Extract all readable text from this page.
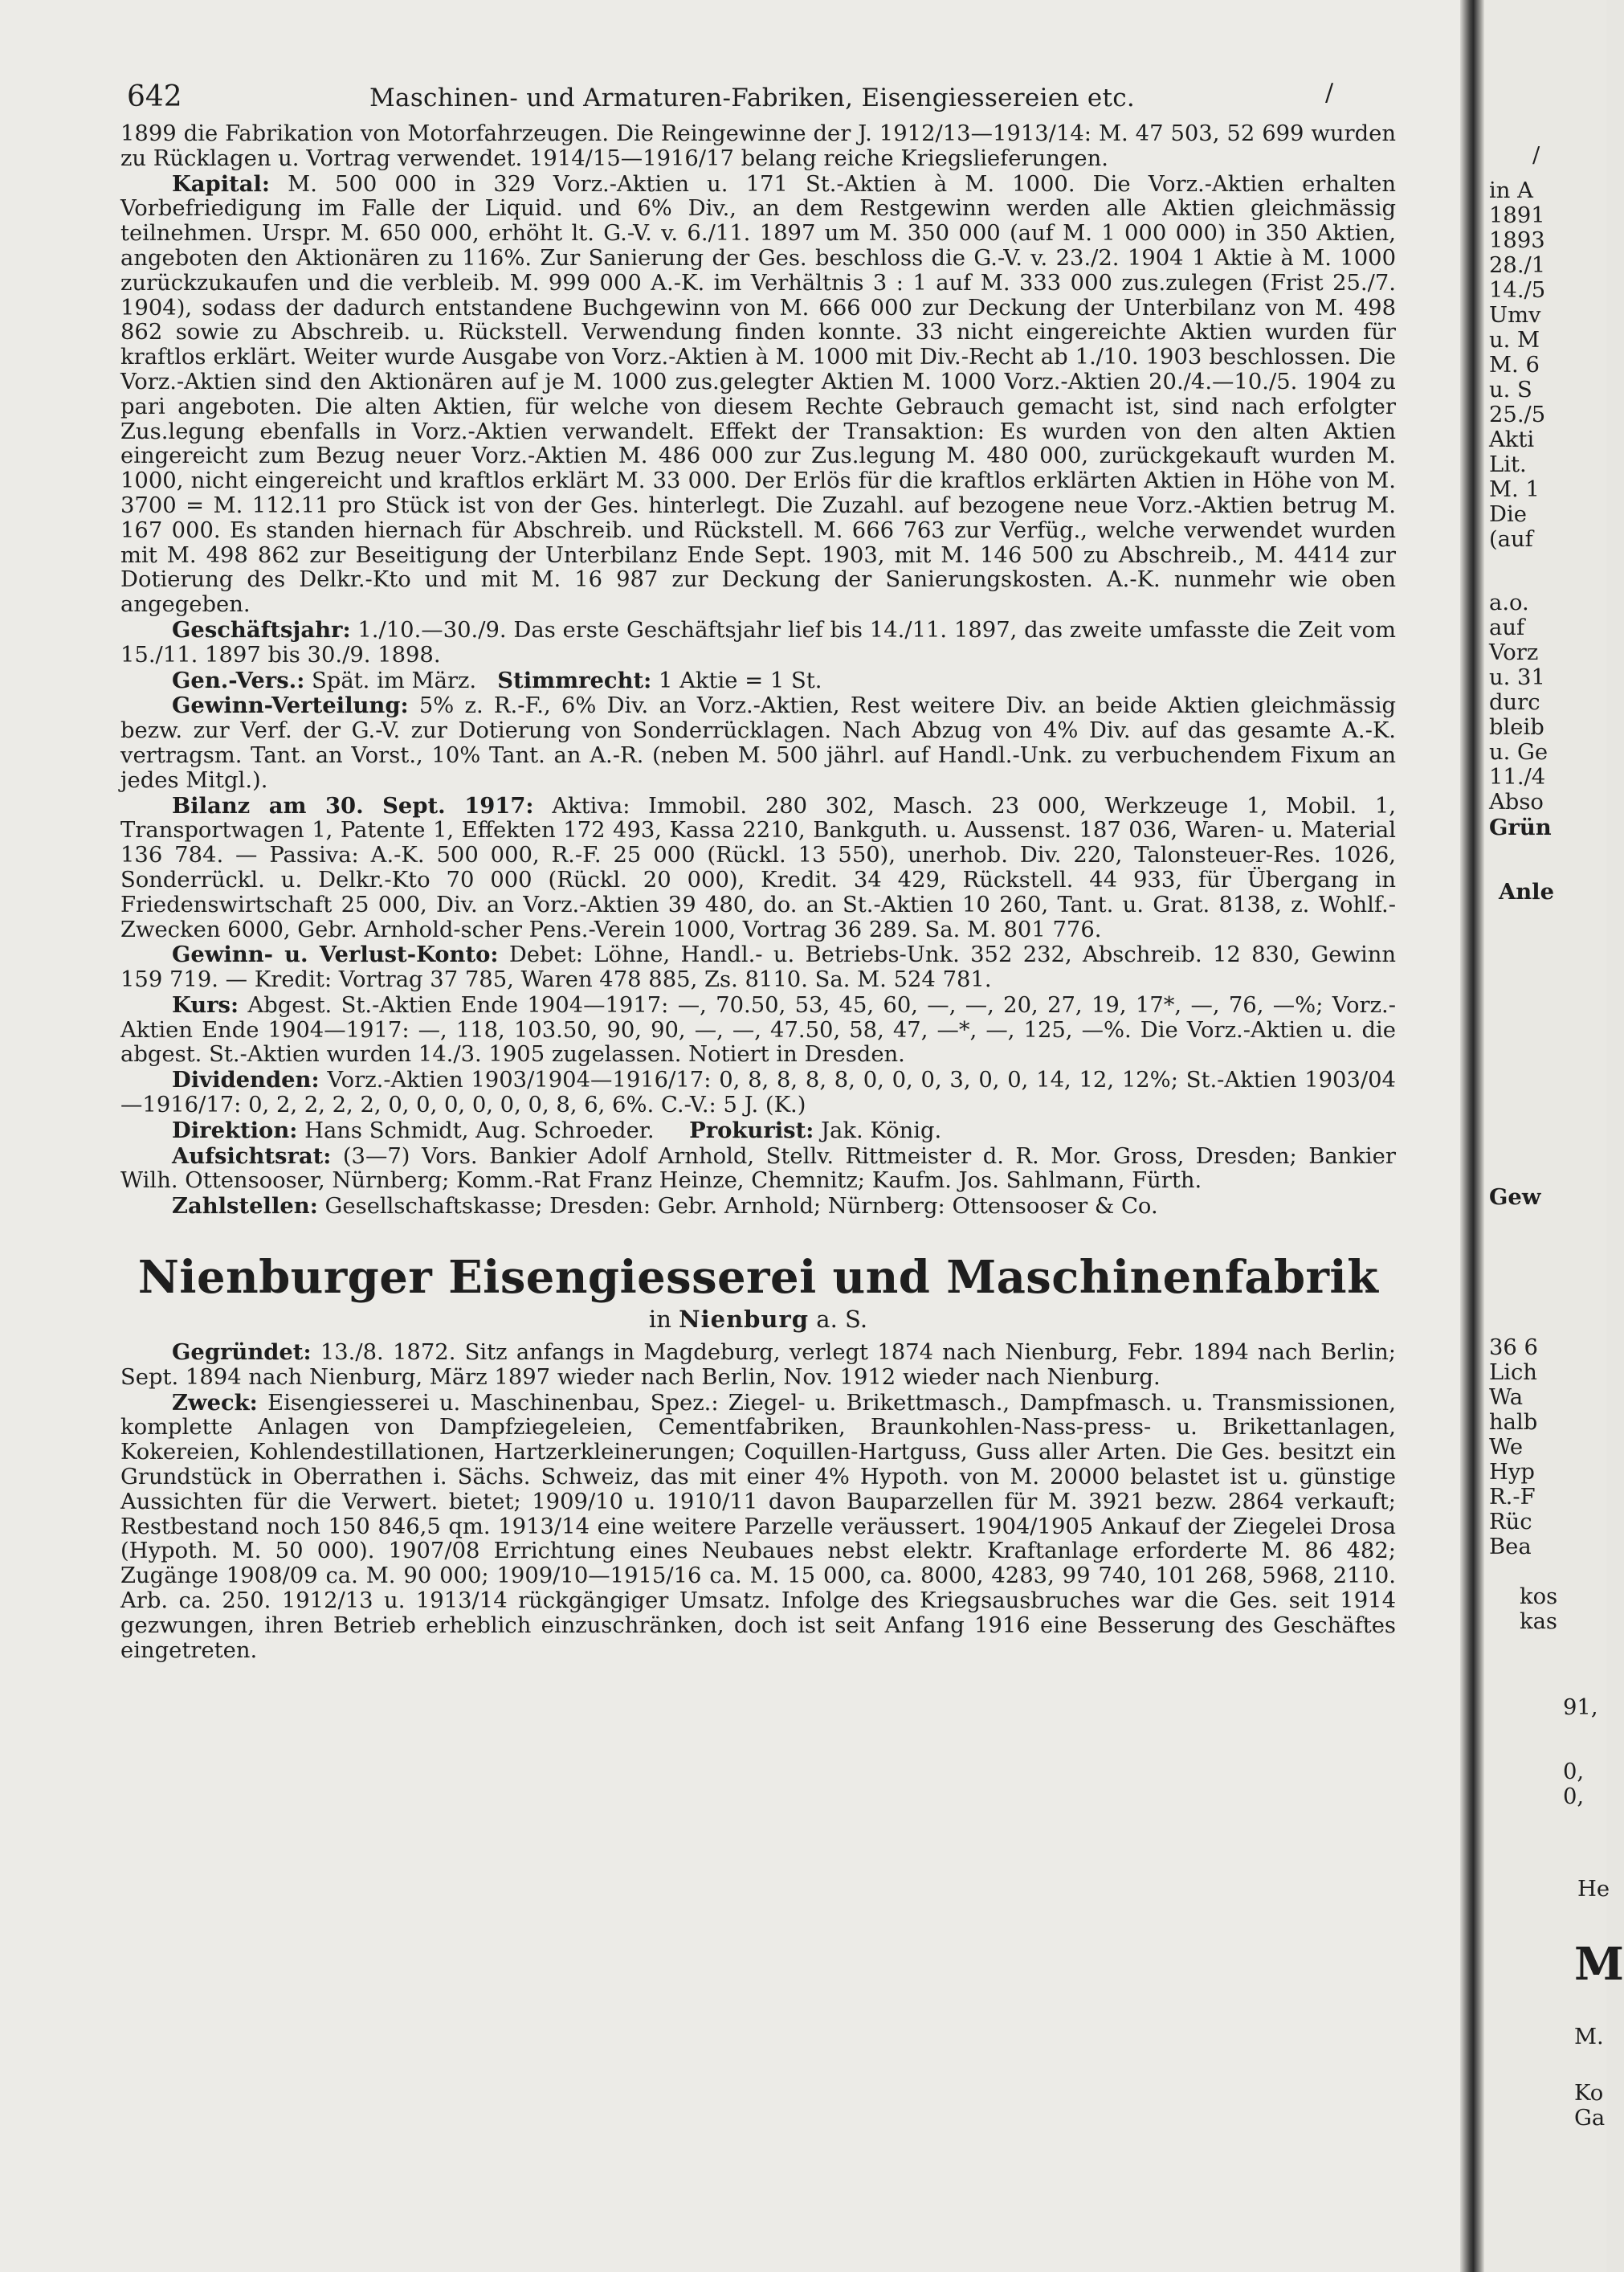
642	Maschinen- und Armaturen-Fabriken, Eisengiessereien etc.	/

1899 die Fabrikation von Motorfahrzeugen. Die Reingewinne der J. 1912/13—1913/14: M. 47 503, 52 699 wurden zu Rücklagen u. Vortrag verwendet. 1914/15—1916/17 belang reiche Kriegslieferungen.

Kapital: M. 500 000 in 329 Vorz.-Aktien u. 171 St.-Aktien à M. 1000. Die Vorz.-Aktien erhalten Vorbefriedigung im Falle der Liquid. und 6% Div., an dem Restgewinn werden alle Aktien gleichmässig teilnehmen. Urspr. M. 650 000, erhöht lt. G.-V. v. 6./11. 1897 um M. 350 000 (auf M. 1 000 000) in 350 Aktien, angeboten den Aktionären zu 116%. Zur Sanierung der Ges. beschloss die G.-V. v. 23./2. 1904 1 Aktie à M. 1000 zurückzukaufen und die verbleib. M. 999 000 A.-K. im Verhältnis 3 : 1 auf M. 333 000 zus.zulegen (Frist 25./7. 1904), sodass der dadurch entstandene Buchgewinn von M. 666 000 zur Deckung der Unterbilanz von M. 498 862 sowie zu Abschreib. u. Rückstell. Verwendung finden konnte. 33 nicht eingereichte Aktien wurden für kraftlos erklärt. Weiter wurde Ausgabe von Vorz.-Aktien à M. 1000 mit Div.-Recht ab 1./10. 1903 beschlossen. Die Vorz.-Aktien sind den Aktionären auf je M. 1000 zus.gelegter Aktien M. 1000 Vorz.-Aktien 20./4.—10./5. 1904 zu pari angeboten. Die alten Aktien, für welche von diesem Rechte Gebrauch gemacht ist, sind nach erfolgter Zus.legung ebenfalls in Vorz.-Aktien verwandelt. Effekt der Transaktion: Es wurden von den alten Aktien eingereicht zum Bezug neuer Vorz.-Aktien M. 486 000 zur Zus.legung M. 480 000, zurückgekauft wurden M. 1000, nicht eingereicht und kraftlos erklärt M. 33 000. Der Erlös für die kraftlos erklärten Aktien in Höhe von M. 3700 = M. 112.11 pro Stück ist von der Ges. hinterlegt. Die Zuzahl. auf bezogene neue Vorz.-Aktien betrug M. 167 000. Es standen hiernach für Abschreib. und Rückstell. M. 666 763 zur Verfüg., welche verwendet wurden mit M. 498 862 zur Beseitigung der Unterbilanz Ende Sept. 1903, mit M. 146 500 zu Abschreib., M. 4414 zur Dotierung des Delkr.-Kto und mit M. 16 987 zur Deckung der Sanierungskosten. A.-K. nunmehr wie oben angegeben.

Geschäftsjahr: 1./10.—30./9. Das erste Geschäftsjahr lief bis 14./11. 1897, das zweite umfasste die Zeit vom 15./11. 1897 bis 30./9. 1898.

Gen.-Vers.: Spät. im März. Stimmrecht: 1 Aktie = 1 St.

Gewinn-Verteilung: 5% z. R.-F., 6% Div. an Vorz.-Aktien, Rest weitere Div. an beide Aktien gleichmässig bezw. zur Verf. der G.-V. zur Dotierung von Sonderrücklagen. Nach Abzug von 4% Div. auf das gesamte A.-K. vertragsm. Tant. an Vorst., 10% Tant. an A.-R. (neben M. 500 jährl. auf Handl.-Unk. zu verbuchendem Fixum an jedes Mitgl.).

Bilanz am 30. Sept. 1917: Aktiva: Immobil. 280 302, Masch. 23 000, Werkzeuge 1, Mobil. 1, Transportwagen 1, Patente 1, Effekten 172 493, Kassa 2210, Bankguth. u. Aussenst. 187 036, Waren- u. Material 136 784. — Passiva: A.-K. 500 000, R.-F. 25 000 (Rückl. 13 550), unerhob. Div. 220, Talonsteuer-Res. 1026, Sonderrückl. u. Delkr.-Kto 70 000 (Rückl. 20 000), Kredit. 34 429, Rückstell. 44 933, für Übergang in Friedenswirtschaft 25 000, Div. an Vorz.-Aktien 39 480, do. an St.-Aktien 10 260, Tant. u. Grat. 8138, z. Wohlf.-Zwecken 6000, Gebr. Arnhold-scher Pens.-Verein 1000, Vortrag 36 289. Sa. M. 801 776.

Gewinn- u. Verlust-Konto: Debet: Löhne, Handl.- u. Betriebs-Unk. 352 232, Abschreib. 12 830, Gewinn 159 719. — Kredit: Vortrag 37 785, Waren 478 885, Zs. 8110. Sa. M. 524 781.

Kurs: Abgest. St.-Aktien Ende 1904—1917: —, 70.50, 53, 45, 60, —, —, 20, 27, 19, 17*, —, 76, —%; Vorz.-Aktien Ende 1904—1917: —, 118, 103.50, 90, 90, —, —, 47.50, 58, 47, —*, —, 125, —%. Die Vorz.-Aktien u. die abgest. St.-Aktien wurden 14./3. 1905 zugelassen. Notiert in Dresden.

Dividenden: Vorz.-Aktien 1903/1904—1916/17: 0, 8, 8, 8, 8, 0, 0, 0, 3, 0, 0, 14, 12, 12%; St.-Aktien 1903/04—1916/17: 0, 2, 2, 2, 2, 0, 0, 0, 0, 0, 0, 8, 6, 6%. C.-V.: 5 J. (K.)

Direktion: Hans Schmidt, Aug. Schroeder. Prokurist: Jak. König.

Aufsichtsrat: (3—7) Vors. Bankier Adolf Arnhold, Stellv. Rittmeister d. R. Mor. Gross, Dresden; Bankier Wilh. Ottensooser, Nürnberg; Komm.-Rat Franz Heinze, Chemnitz; Kaufm. Jos. Sahlmann, Fürth.

Zahlstellen: Gesellschaftskasse; Dresden: Gebr. Arnhold; Nürnberg: Ottensooser & Co.

Nienburger Eisengiesserei und Maschinenfabrik
in Nienburg a. S.

Gegründet: 13./8. 1872. Sitz anfangs in Magdeburg, verlegt 1874 nach Nienburg, Febr. 1894 nach Berlin; Sept. 1894 nach Nienburg, März 1897 wieder nach Berlin, Nov. 1912 wieder nach Nienburg.

Zweck: Eisengiesserei u. Maschinenbau, Spez.: Ziegel- u. Brikettmasch., Dampfmasch. u. Transmissionen, komplette Anlagen von Dampfziegeleien, Cementfabriken, Braunkohlen-Nass-press- u. Brikettanlagen, Kokereien, Kohlendestillationen, Hartzerkleinerungen; Coquillen-Hartguss, Guss aller Arten. Die Ges. besitzt ein Grundstück in Oberrathen i. Sächs. Schweiz, das mit einer 4% Hypoth. von M. 20000 belastet ist u. günstige Aussichten für die Verwert. bietet; 1909/10 u. 1910/11 davon Bauparzellen für M. 3921 bezw. 2864 verkauft; Restbestand noch 150 846,5 qm. 1913/14 eine weitere Parzelle veräussert. 1904/1905 Ankauf der Ziegelei Drosa (Hypoth. M. 50 000). 1907/08 Errichtung eines Neubaues nebst elektr. Kraftanlage erforderte M. 86 482; Zugänge 1908/09 ca. M. 90 000; 1909/10—1915/16 ca. M. 15 000, ca. 8000, 4283, 99 740, 101 268, 5968, 2110. Arb. ca. 250. 1912/13 u. 1913/14 rückgängiger Umsatz. Infolge des Kriegsausbruches war die Ges. seit 1914 gezwungen, ihren Betrieb erheblich einzuschränken, doch ist seit Anfang 1916 eine Besserung des Geschäftes eingetreten.

/
in A
1891
1893
28./1
14./5
Umv
u. M
M. 6
u. S
25./5
Akti
Lit.
M. 1
Die
(auf
a.o.
auf
Vorz
u. 31
durc
bleib
u. Ge
11./4
Abso
Grün
Anle
Gew
36 6
Lich
Wa
halb
We
Hyp
R.-F
Rüc
Bea
kos
kas
91,
0,
0,
He
M
M.
Ko
Ga
